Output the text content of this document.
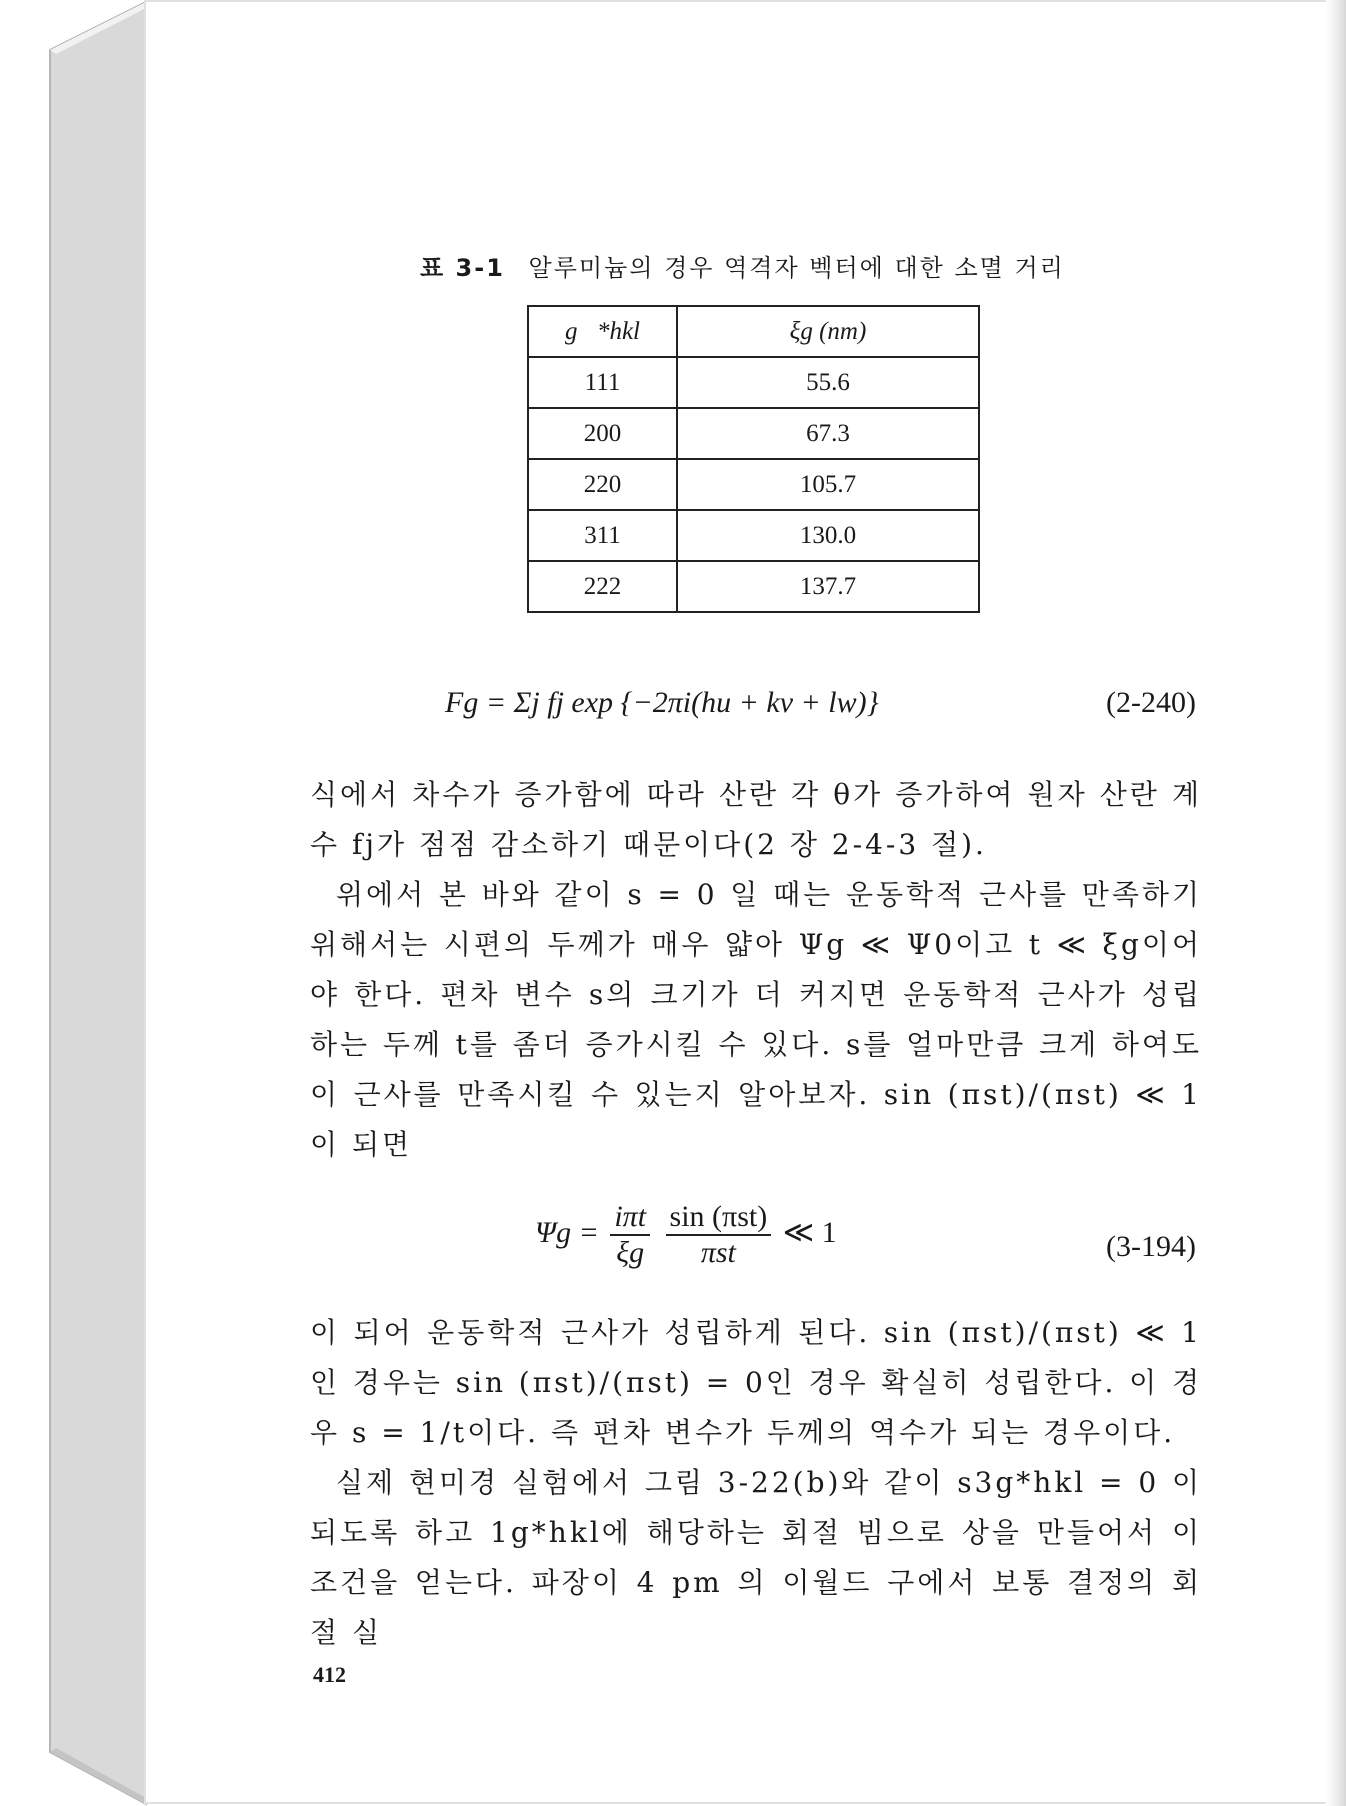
표 3-1 알루미늄의 경우 역격자 벡터에 대한 소멸 거리
g⃗*hkl	ξg (nm)
111	55.6
200	67.3
220	105.7
311	130.0
222	137.7
Fg = Σj fj exp {−2πi(hu + kv + lw)}	(2-240)

식에서 차수가 증가함에 따라 산란 각 θ가 증가하여 원자 산란 계수 fj가 점점 감소하기 때문이다(2 장 2-4-3 절).

위에서 본 바와 같이 s = 0 일 때는 운동학적 근사를 만족하기 위해서는 시편의 두께가 매우 얇아 Ψg ≪ Ψ0이고 t ≪ ξg이어야 한다. 편차 변수 s의 크기가 더 커지면 운동학적 근사가 성립하는 두께 t를 좀더 증가시킬 수 있다. s를 얼마만큼 크게 하여도 이 근사를 만족시킬 수 있는지 알아보자. sin (πst)/(πst) ≪ 1이 되면

$\Psi g = \frac{\text{iπt}}{\xi g}$
$\frac{\text{sin (πst)}}{\text{πst}}$ ≪ 1	(3-194)

이 되어 운동학적 근사가 성립하게 된다. sin (πst)/(πst) ≪ 1인 경우는 sin (πst)/(πst) = 0인 경우 확실히 성립한다. 이 경우 s = 1/t이다. 즉 편차 변수가 두께의 역수가 되는 경우이다.

실제 현미경 실험에서 그림 3-22(b)와 같이 s3g*hkl = 0 이 되도록 하고 1g*hkl에 해당하는 회절 빔으로 상을 만들어서 이 조건을 얻는다. 파장이 4 pm 의 이월드 구에서 보통 결정의 회절 실

412
